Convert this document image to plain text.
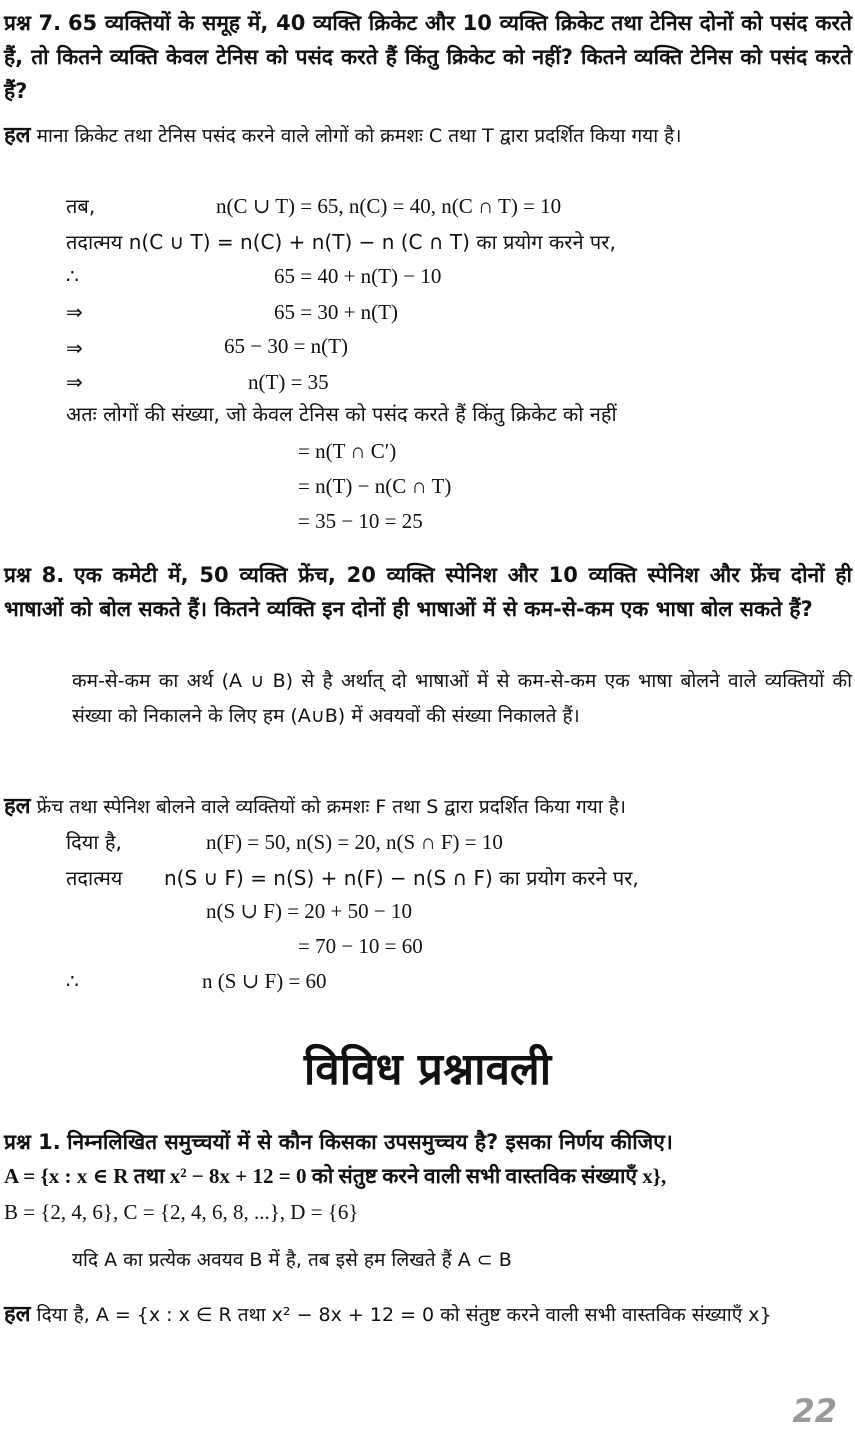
प्रश्न 7. 65 व्यक्तियों के समूह में, 40 व्यक्ति क्रिकेट और 10 व्यक्ति क्रिकेट तथा टेनिस दोनों को पसंद करते हैं, तो कितने व्यक्ति केवल टेनिस को पसंद करते हैं किंतु क्रिकेट को नहीं? कितने व्यक्ति टेनिस को पसंद करते हैं?
हल माना क्रिकेट तथा टेनिस पसंद करने वाले लोगों को क्रमशः C तथा T द्वारा प्रदर्शित किया गया है।
तब,	n(C ∪ T) = 65, n(C) = 40, n(C ∩ T) = 10
तदात्मय n(C ∪ T) = n(C) + n(T) − n (C ∩ T) का प्रयोग करने पर,
∴	65 = 40 + n(T) − 10
⇒	65 = 30 + n(T)
⇒	65 − 30 = n(T)
⇒	n(T) = 35
अतः लोगों की संख्या, जो केवल टेनिस को पसंद करते हैं किंतु क्रिकेट को नहीं
= n(T ∩ C′)
= n(T) − n(C ∩ T)
= 35 − 10 = 25
प्रश्न 8. एक कमेटी में, 50 व्यक्ति फ्रेंच, 20 व्यक्ति स्पेनिश और 10 व्यक्ति स्पेनिश और फ्रेंच दोनों ही भाषाओं को बोल सकते हैं। कितने व्यक्ति इन दोनों ही भाषाओं में से कम-से-कम एक भाषा बोल सकते हैं?
कम-से-कम का अर्थ (A ∪ B) से है अर्थात् दो भाषाओं में से कम-से-कम एक भाषा बोलने वाले व्यक्तियों की संख्या को निकालने के लिए हम (A∪B) में अवयवों की संख्या निकालते हैं।
हल फ्रेंच तथा स्पेनिश बोलने वाले व्यक्तियों को क्रमशः F तथा S द्वारा प्रदर्शित किया गया है।
दिया है,	n(F) = 50, n(S) = 20, n(S ∩ F) = 10
तदात्मय n(S ∪ F) = n(S) + n(F) − n(S ∩ F) का प्रयोग करने पर,
n(S ∪ F) = 20 + 50 − 10
= 70 − 10 = 60
∴	n (S ∪ F) = 60
विविध प्रश्नावली
प्रश्न 1. निम्नलिखित समुच्चयों में से कौन किसका उपसमुच्चय है? इसका निर्णय कीजिए।
A = {x : x ∈ R तथा x² − 8x + 12 = 0 को संतुष्ट करने वाली सभी वास्तविक संख्याएँ x},
B = {2, 4, 6}, C = {2, 4, 6, 8, ...}, D = {6}
यदि A का प्रत्येक अवयव B में है, तब इसे हम लिखते हैं A ⊂ B
हल दिया है, A = {x : x ∈ R तथा x² − 8x + 12 = 0 को संतुष्ट करने वाली सभी वास्तविक संख्याएँ x}
22
